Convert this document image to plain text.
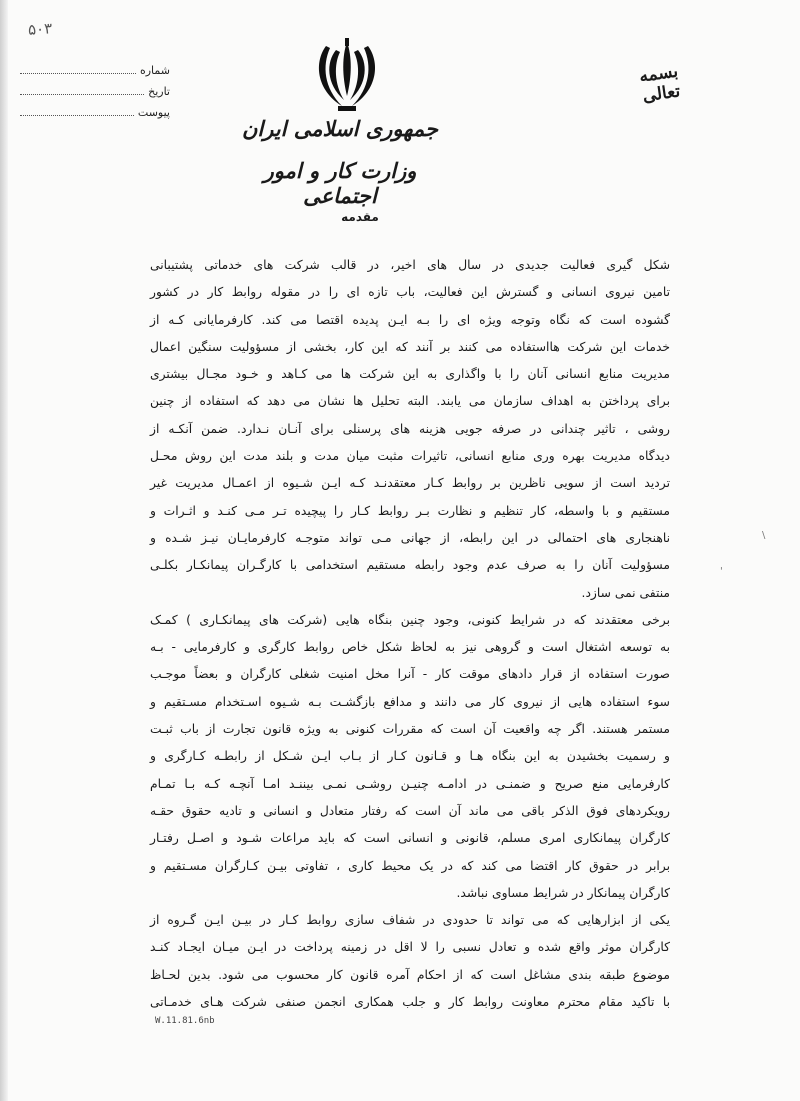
۵۰۳
شماره
تاریخ
پیوست
بسمه تعالی
جمهوری اسلامی ایران
وزارت کار و امور اجتماعی
مقدمه
شکل گیری فعالیت جدیدی در سال های اخیر، در قالب شرکت های خدماتی پشتیبانی
تامین نیروی انسانی و گسترش این فعالیت، باب تازه ای را در مقوله روابط کار در کشور
گشوده است که نگاه وتوجه ویژه ای را بـه ایـن پدیده اقتصا می کند. کارفرمایانی کـه از
خدمات این شرکت هااستفاده می کنند بر آنند که این کار، بخشی از مسؤولیت سنگین اعمال
مدیریت منابع انسانی آنان را با واگذاری به این شرکت ها می کـاهد و خـود مجـال بیشتری
برای پرداختن به اهداف سازمان می یابند. البته تحلیل ها نشان می دهد که استفاده از چنین
روشی ، تاثیر چندانی در صرفه جویی هزینه های پرسنلی برای آنـان نـدارد. ضمن آنکـه از
دیدگاه مدیریت بهره وری منابع انسانی، تاثیرات مثبت میان مدت و بلند مدت این روش محـل
تردید است از سویی ناظرین بر روابط کـار معتقدنـد کـه ایـن شـیوه از اعمـال مدیریت غیر
مستقیم و با واسطه، کار تنظیم و نظارت بـر روابط کـار را پیچیده تـر مـی کنـد و اثـرات و
ناهنجاری های احتمالی در این رابطه، از جهانی مـی تواند متوجـه کارفرمایـان نیـز شـده و
مسؤولیت آنان را به صرف عدم وجود رابطه مستقیم استخدامی با کارگـران پیمانکـار بکلـی
منتفی نمی سازد.
برخی معتقدند که در شرایط کنونی، وجود چنین بنگاه هایی (شرکت های پیمانکـاری ) کمـک
به توسعه اشتغال است و گروهی نیز به لحاظ شکل خاص روابط کارگری و کارفرمایی - بـه
صورت استفاده از قرار دادهای موقت کار - آنرا مخل امنیت شغلی کارگران و بعضاً موجـب
سوء استفاده هایی از نیروی کار می دانند و مدافع بازگشـت بـه شـیوه اسـتخدام مسـتقیم و
مستمر هستند. اگر چه واقعیت آن است که مقررات کنونی به ویژه قانون تجارت از باب ثبـت
و رسمیت بخشیدن به این بنگاه هـا و قـانون کـار از بـاب ایـن شـکل از رابطـه کـارگری و
کارفرمایی منع صریح و ضمنـی در ادامـه چنیـن روشـی نمـی بیننـد امـا آنچـه کـه بـا تمـام
رویکردهای فوق الذکر باقی می ماند آن است که رفتار متعادل و انسانی و تادیه حقوق حقـه
کارگران پیمانکاری امری مسلم، قانونی و انسانی است که باید مراعات شـود و اصـل رفتـار
برابر در حقوق کار اقتضا می کند که در یک محیط کاری ، تفاوتی بیـن کـارگران مسـتقیم و
کارگران پیمانکار در شرایط مساوی نباشد.
یکی از ابزارهایی که می تواند تا حدودی در شفاف سازی روابط کـار در بیـن ایـن گـروه از
کارگران موثر واقع شده و تعادل نسبی را لا اقل در زمینه پرداخت در ایـن میـان ایجـاد کنـد
موضوع طبقه بندی مشاغل است که از احکام آمره قانون کار محسوب می شود. بدین لحـاظ
با تاکید مقام محترم معاونت روابط کار و جلب همکاری انجمن صنفی شرکت هـای خدمـاتی
\
'
W.11.81.6nb
